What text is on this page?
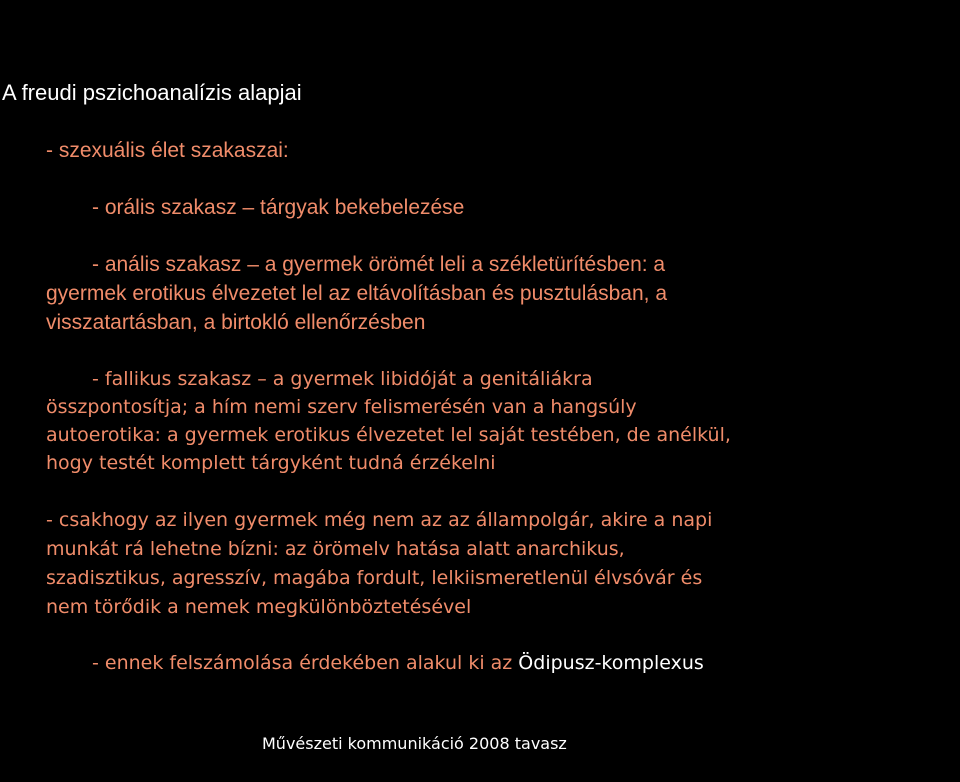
A freudi pszichoanalízis alapjai
- szexuális élet szakaszai:
- orális szakasz – tárgyak bekebelezése
- anális szakasz – a gyermek örömét leli a székletürítésben: a
gyermek erotikus élvezetet lel az eltávolításban és pusztulásban, a
visszatartásban, a birtokló ellenőrzésben
- fallikus szakasz – a gyermek libidóját a genitáliákra
összpontosítja; a hím nemi szerv felismerésén van a hangsúly
autoerotika: a gyermek erotikus élvezetet lel saját testében, de anélkül,
hogy testét komplett tárgyként tudná érzékelni
- csakhogy az ilyen gyermek még nem az az állampolgár, akire a napi
munkát rá lehetne bízni: az örömelv hatása alatt anarchikus,
szadisztikus, agresszív, magába fordult, lelkiismeretlenül élvsóvár és
nem törődik a nemek megkülönböztetésével
- ennek felszámolása érdekében alakul ki az Ödipusz-komplexus
Művészeti kommunikáció 2008 tavasz
